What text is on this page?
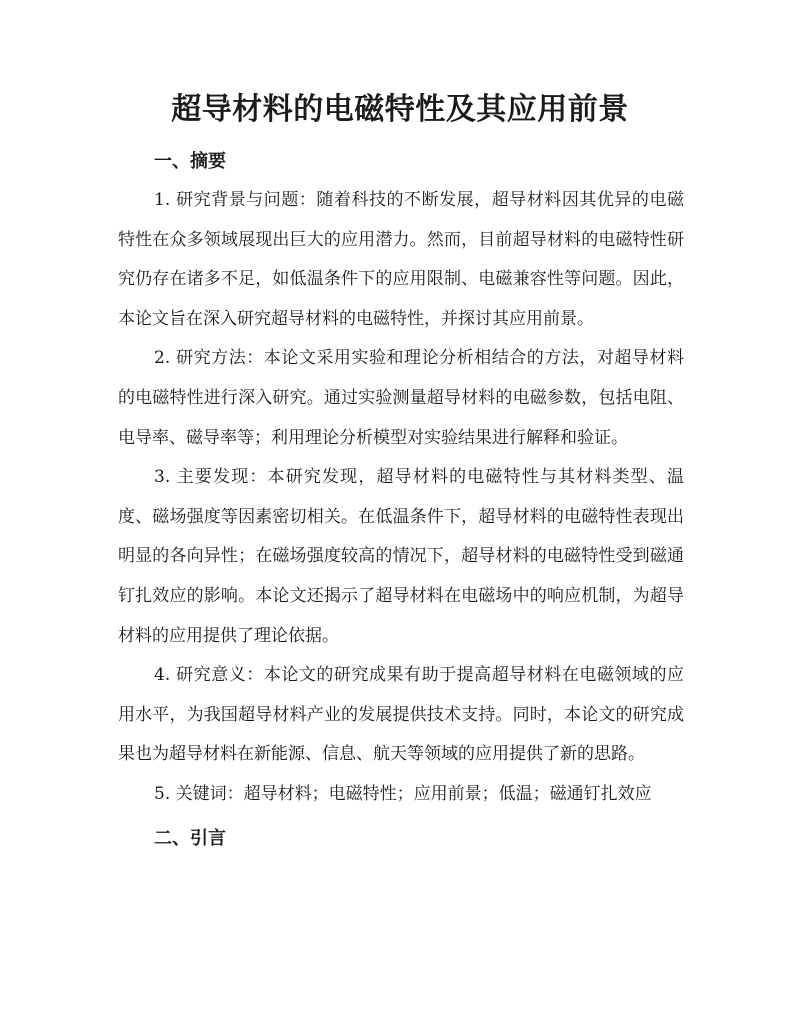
超导材料的电磁特性及其应用前景
一、摘要

1. 研究背景与问题：随着科技的不断发展，超导材料因其优异的电磁特性在众多领域展现出巨大的应用潜力。然而，目前超导材料的电磁特性研究仍存在诸多不足，如低温条件下的应用限制、电磁兼容性等问题。因此，本论文旨在深入研究超导材料的电磁特性，并探讨其应用前景。

2. 研究方法：本论文采用实验和理论分析相结合的方法，对超导材料的电磁特性进行深入研究。通过实验测量超导材料的电磁参数，包括电阻、电导率、磁导率等；利用理论分析模型对实验结果进行解释和验证。

3. 主要发现：本研究发现，超导材料的电磁特性与其材料类型、温度、磁场强度等因素密切相关。在低温条件下，超导材料的电磁特性表现出明显的各向异性；在磁场强度较高的情况下，超导材料的电磁特性受到磁通钉扎效应的影响。本论文还揭示了超导材料在电磁场中的响应机制，为超导材料的应用提供了理论依据。

4. 研究意义：本论文的研究成果有助于提高超导材料在电磁领域的应用水平，为我国超导材料产业的发展提供技术支持。同时，本论文的研究成果也为超导材料在新能源、信息、航天等领域的应用提供了新的思路。

5. 关键词：超导材料；电磁特性；应用前景；低温；磁通钉扎效应

二、引言
